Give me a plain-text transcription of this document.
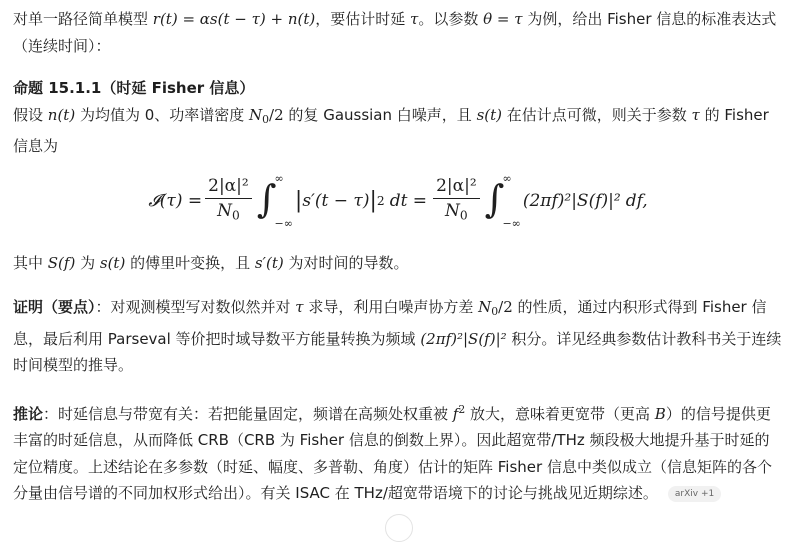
对单一路径简单模型 r(t) = αs(t − τ) + n(t)，要估计时延 τ。以参数 θ = τ 为例，给出 Fisher 信息的标准表达式（连续时间）：

命题 15.1.1（时延 Fisher 信息）

假设 n(t) 为均值为 0、功率谱密度 $N_0/2$ 的复 Gaussian 白噪声，且 s(t) 在估计点可微，则关于参数 τ 的 Fisher 信息为

𝓘(τ) = $\frac{\text{2|α|²}}{N_0}$ ∫
∞
−∞
| s′(t − τ) | 2 dt = $\frac{\text{2|α|²}}{N_0}$ ∫
∞
−∞
(2πf)²|S(f)|² df,

其中 S(f) 为 s(t) 的傅里叶变换，且 s′(t) 为对时间的导数。

证明（要点）：对观测模型写对数似然并对 τ 求导，利用白噪声协方差 $N_0/2$ 的性质，通过内积形式得到 Fisher 信息，最后利用 Parseval 等价把时域导数平方能量转换为频域 (2πf)²|S(f)|² 积分。详见经典参数估计教科书关于连续时间模型的推导。

推论：时延信息与带宽有关：若把能量固定，频谱在高频处权重被 $f^2$ 放大，意味着更宽带（更高 B）的信号提供更丰富的时延信息，从而降低 CRB（CRB 为 Fisher 信息的倒数上界）。因此超宽带/THz 频段极大地提升基于时延的定位精度。上述结论在多参数（时延、幅度、多普勒、角度）估计的矩阵 Fisher 信息中类似成立（信息矩阵的各个分量由信号谱的不同加权形式给出）。有关 ISAC 在 THz/超宽带语境下的讨论与挑战见近期综述。 arXiv +1
